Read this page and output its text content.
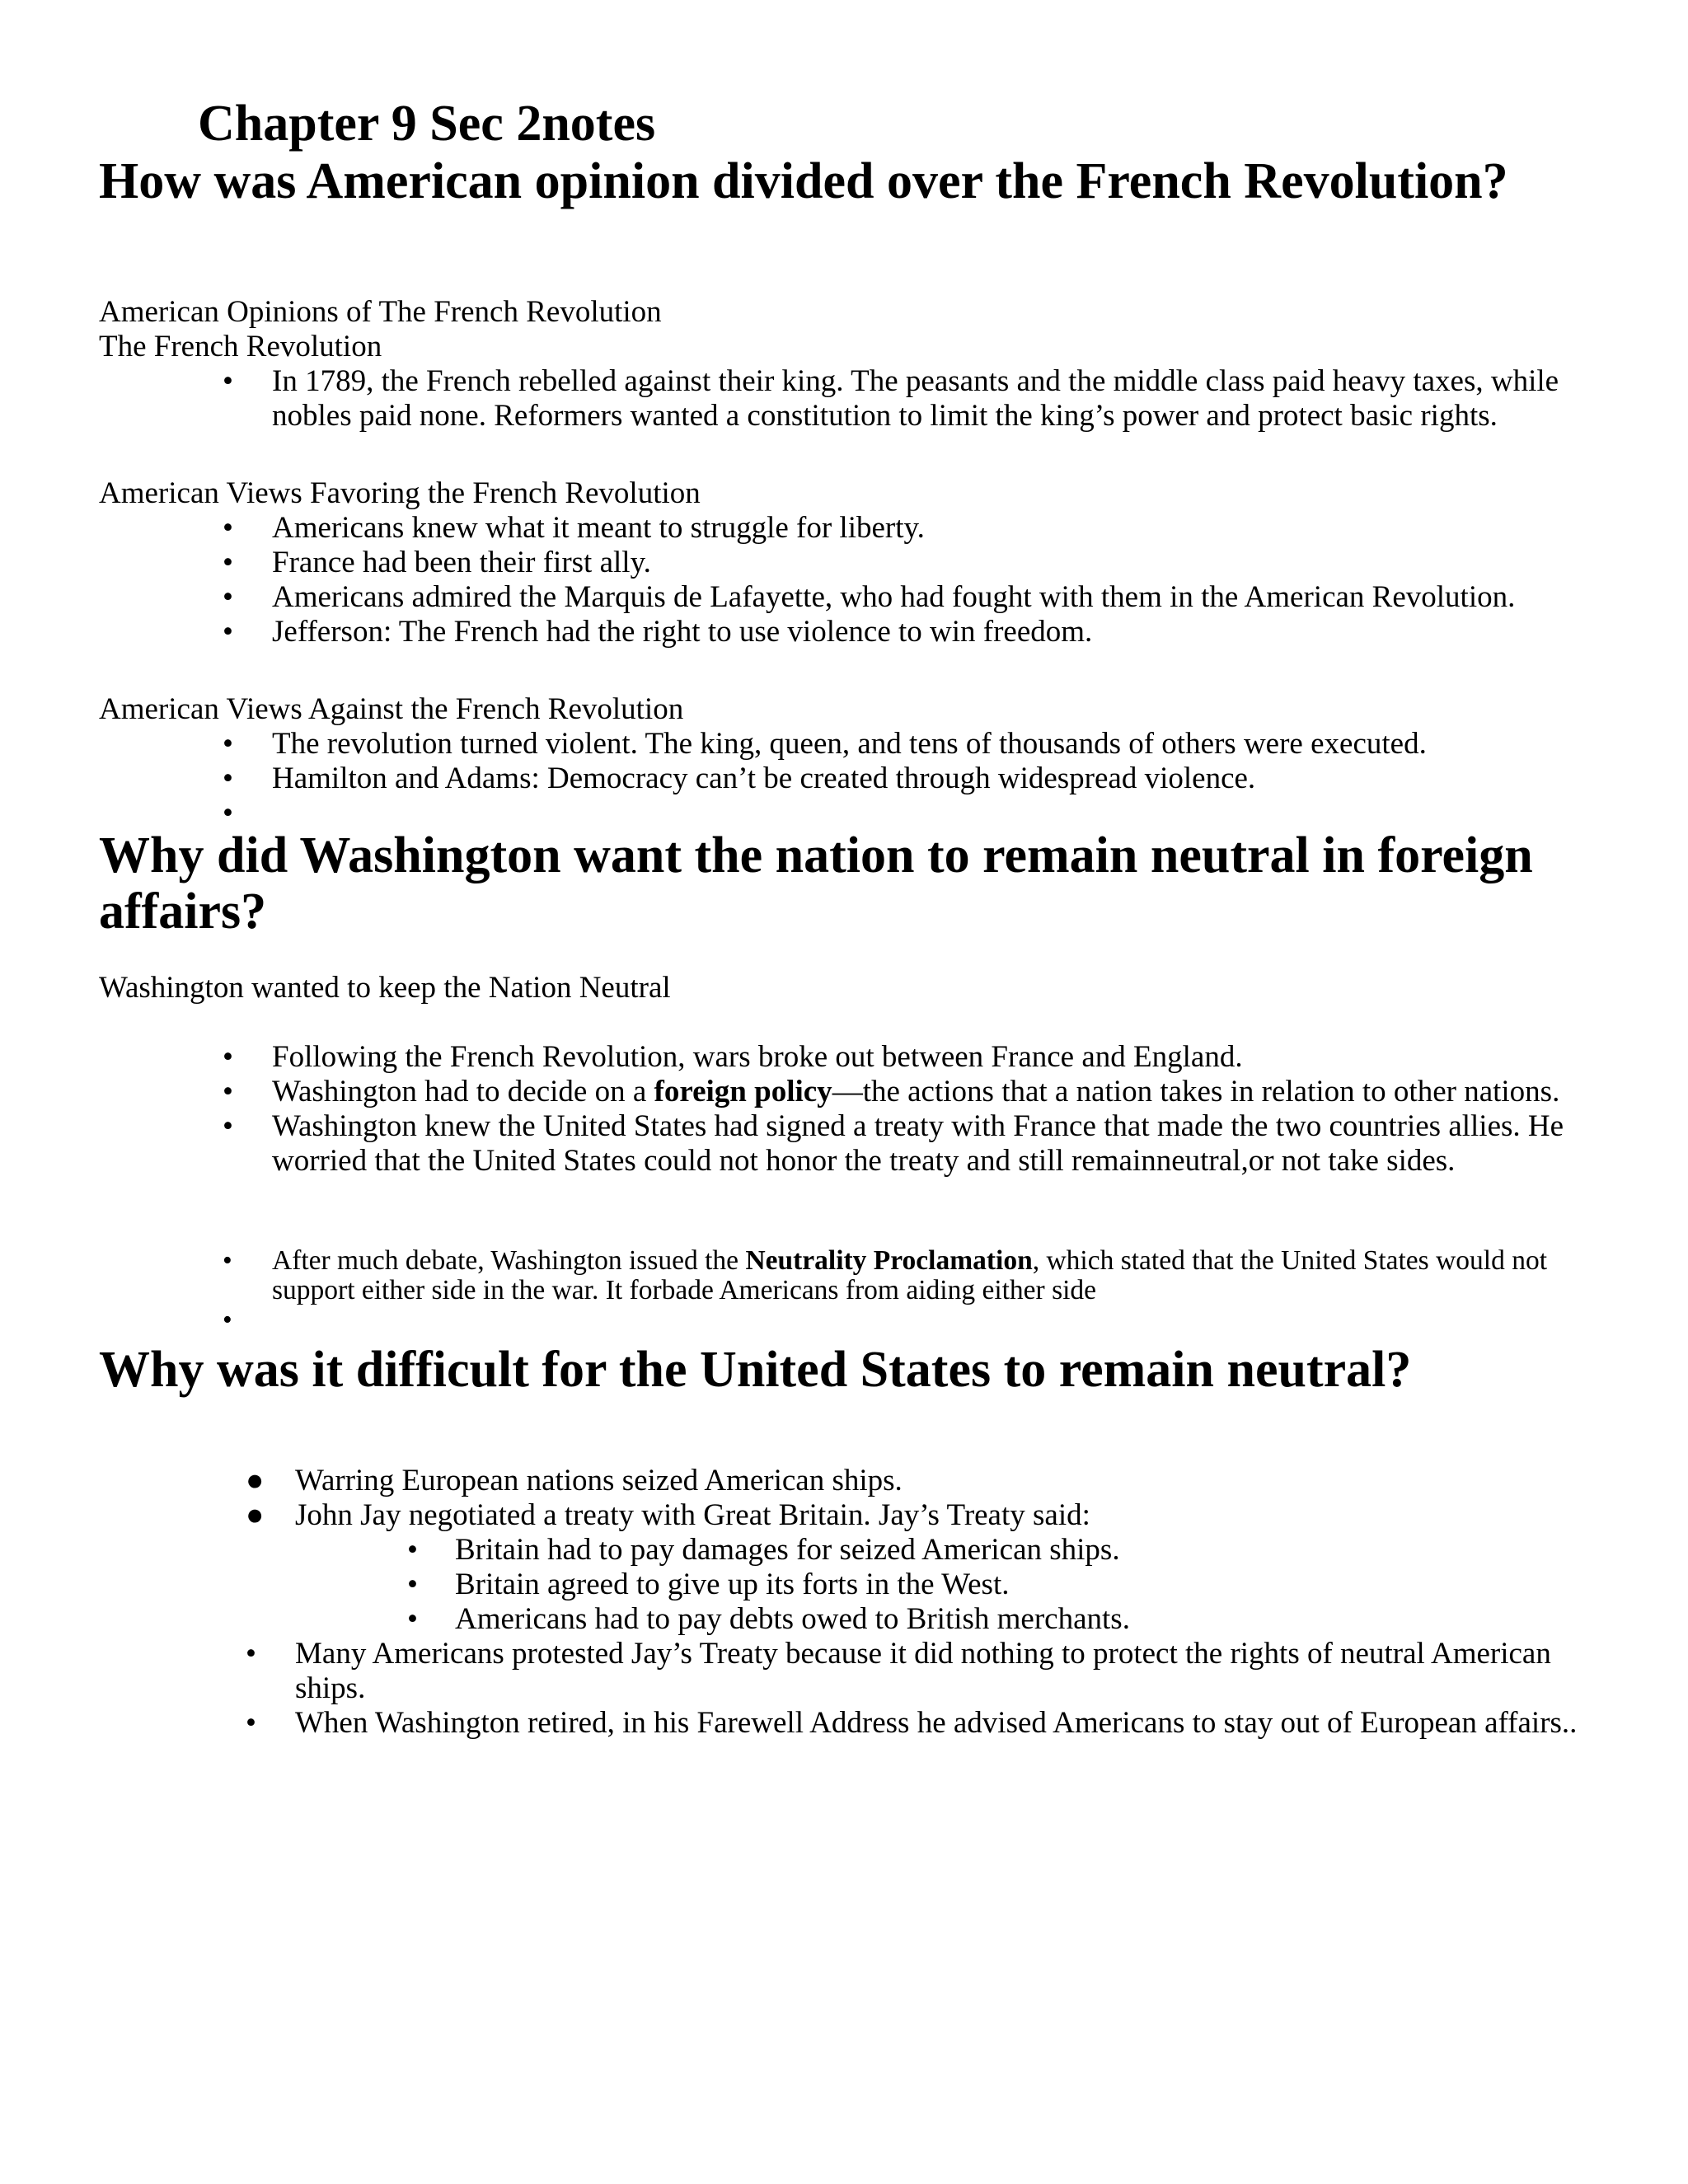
Chapter 9 Sec 2notes
How was American opinion divided over the French Revolution?
American Opinions of The French Revolution
The French Revolution
• In 1789, the French rebelled against their king. The peasants and the middle class paid heavy taxes, while nobles paid none. Reformers wanted a constitution to limit the king’s power and protect basic rights.
American Views Favoring the French Revolution
• Americans knew what it meant to struggle for liberty.
• France had been their first ally.
• Americans admired the Marquis de Lafayette, who had fought with them in the American Revolution.
• Jefferson: The French had the right to use violence to win freedom.
American Views Against the French Revolution
• The revolution turned violent. The king, queen, and tens of thousands of others were executed.
• Hamilton and Adams: Democracy can’t be created through widespread violence.
•
Why did Washington want the nation to remain neutral in foreign affairs?
Washington wanted to keep the Nation Neutral
• Following the French Revolution, wars broke out between France and England.
• Washington had to decide on a foreign policy—the actions that a nation takes in relation to other nations.
• Washington knew the United States had signed a treaty with France that made the two countries allies. He worried that the United States could not honor the treaty and still remainneutral,or not take sides.
• After much debate, Washington issued the Neutrality Proclamation, which stated that the United States would not support either side in the war. It forbade Americans from aiding either side
•
Why was it difficult for the United States to remain neutral?
● Warring European nations seized American ships.
● John Jay negotiated a treaty with Great Britain. Jay’s Treaty said:
• Britain had to pay damages for seized American ships.
• Britain agreed to give up its forts in the West.
• Americans had to pay debts owed to British merchants.
• Many Americans protested Jay’s Treaty because it did nothing to protect the rights of neutral American ships.
• When Washington retired, in his Farewell Address he advised Americans to stay out of European affairs..
